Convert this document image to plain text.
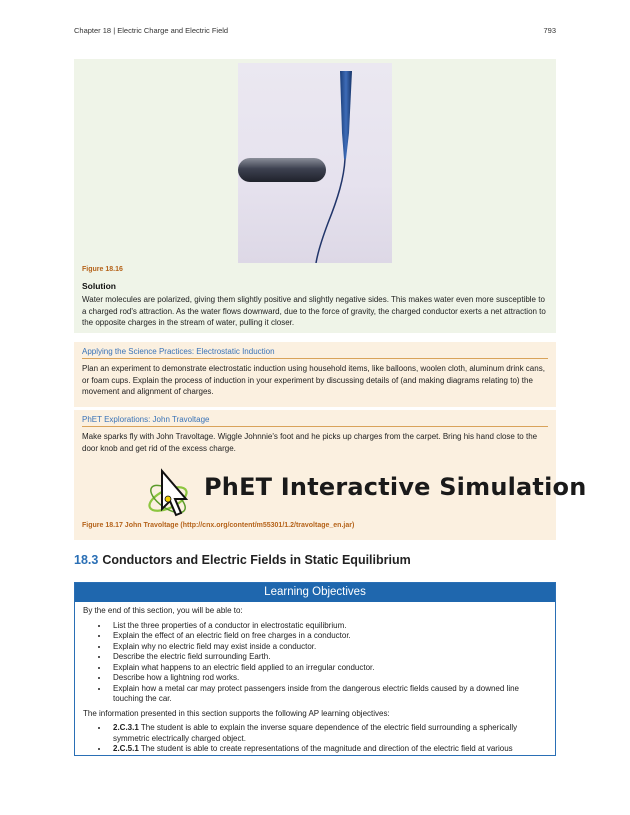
Chapter 18 | Electric Charge and Electric Field	793
Figure 18.16
Solution
Water molecules are polarized, giving them slightly positive and slightly negative sides. This makes water even more susceptible to a charged rod's attraction. As the water flows downward, due to the force of gravity, the charged conductor exerts a net attraction to the opposite charges in the stream of water, pulling it closer.
Applying the Science Practices: Electrostatic Induction
Plan an experiment to demonstrate electrostatic induction using household items, like balloons, woolen cloth, aluminum drink cans, or foam cups. Explain the process of induction in your experiment by discussing details of (and making diagrams relating to) the movement and alignment of charges.
PhET Explorations: John Travoltage
Make sparks fly with John Travoltage. Wiggle Johnnie's foot and he picks up charges from the carpet. Bring his hand close to the door knob and get rid of the excess charge.
PhET Interactive Simulation
Figure 18.17 John Travoltage (http://cnx.org/content/m55301/1.2/travoltage_en.jar)
18.3 Conductors and Electric Fields in Static Equilibrium
Learning Objectives

By the end of this section, you will be able to:

• List the three properties of a conductor in electrostatic equilibrium.
• Explain the effect of an electric field on free charges in a conductor.
• Explain why no electric field may exist inside a conductor.
• Describe the electric field surrounding Earth.
• Explain what happens to an electric field applied to an irregular conductor.
• Describe how a lightning rod works.
• Explain how a metal car may protect passengers inside from the dangerous electric fields caused by a downed line touching the car.

The information presented in this section supports the following AP learning objectives:

• 2.C.3.1 The student is able to explain the inverse square dependence of the electric field surrounding a spherically symmetric electrically charged object.
• 2.C.5.1 The student is able to create representations of the magnitude and direction of the electric field at various
